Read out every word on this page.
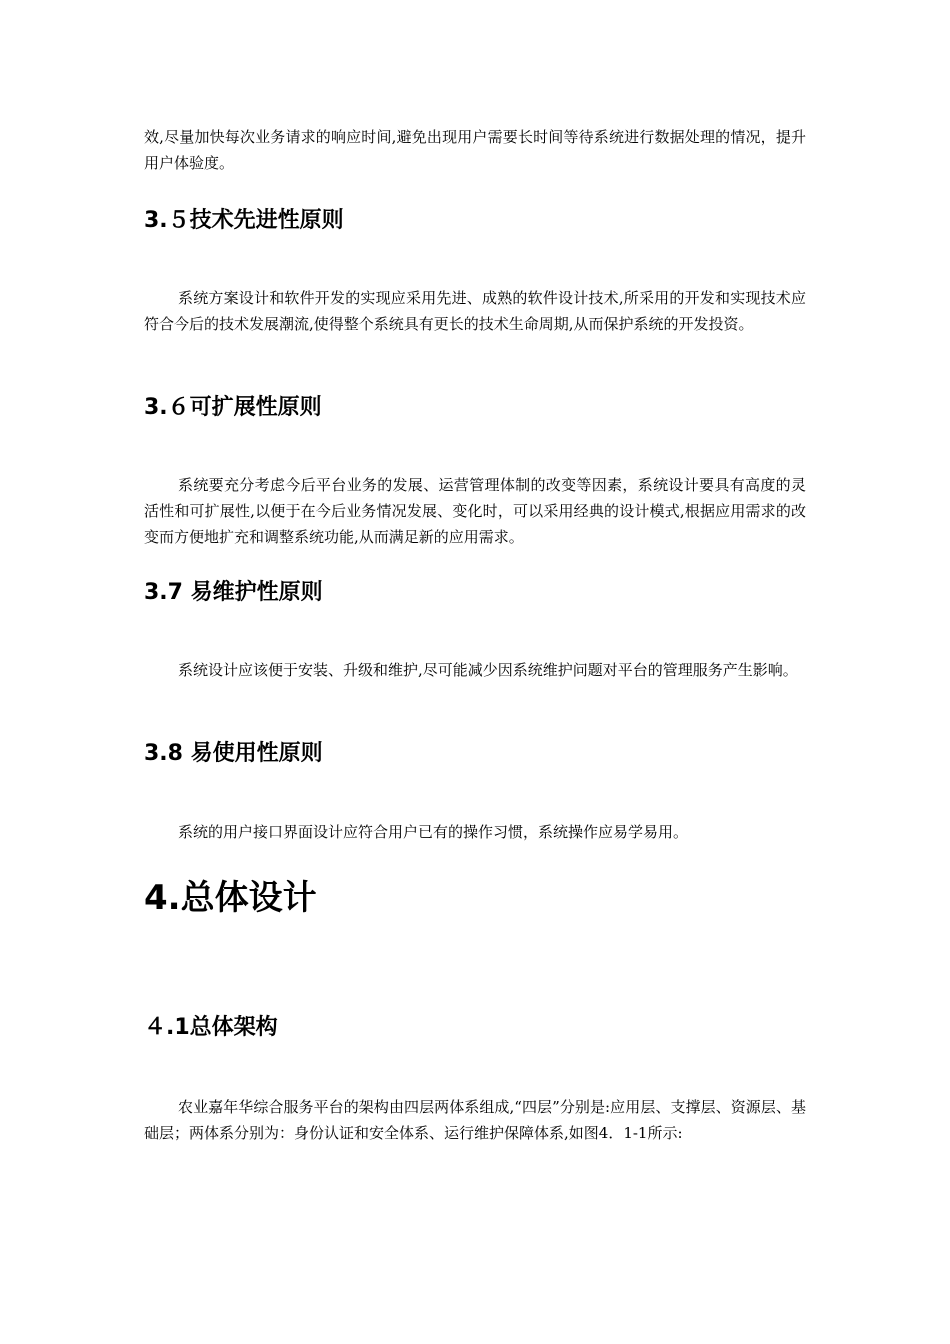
效,尽量加快每次业务请求的响应时间,避免出现用户需要长时间等待系统进行数据处理的情况，提升用户体验度。

3.５技术先进性原则

系统方案设计和软件开发的实现应采用先进、成熟的软件设计技术,所采用的开发和实现技术应符合今后的技术发展潮流,使得整个系统具有更长的技术生命周期,从而保护系统的开发投资。

3.６可扩展性原则

系统要充分考虑今后平台业务的发展、运营管理体制的改变等因素，系统设计要具有高度的灵活性和可扩展性,以便于在今后业务情况发展、变化时，可以采用经典的设计模式,根据应用需求的改变而方便地扩充和调整系统功能,从而满足新的应用需求。

3.7 易维护性原则

系统设计应该便于安装、升级和维护,尽可能减少因系统维护问题对平台的管理服务产生影响。

3.8 易使用性原则

系统的用户接口界面设计应符合用户已有的操作习惯，系统操作应易学易用。

4.总体设计
４.1总体架构

农业嘉年华综合服务平台的架构由四层两体系组成,“四层”分别是:应用层、支撑层、资源层、基础层；两体系分别为：身份认证和安全体系、运行维护保障体系,如图4．1-1所示:
